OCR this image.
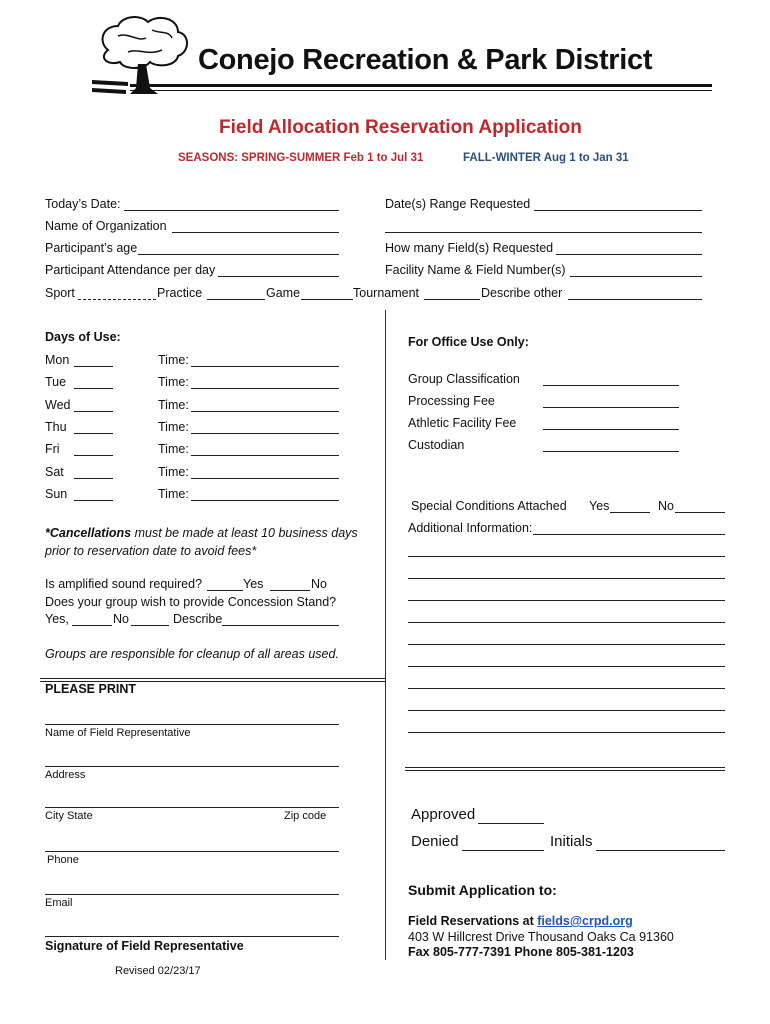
Conejo Recreation & Park District
Field Allocation Reservation Application
SEASONS: SPRING-SUMMER Feb 1 to Jul 31	FALL-WINTER Aug 1 to Jan 31
Today’s Date:	Date(s) Range Requested
Name of Organization
Participant’s age	How many Field(s) Requested
Participant Attendance per day	Facility Name & Field Number(s)
Sport	Practice	Game	Tournament	Describe other
Days of Use:
Mon	Time:
Tue	Time:
Wed	Time:
Thu	Time:
Fri	Time:
Sat	Time:
Sun	Time:
*Cancellations must be made at least 10 business days
prior to reservation date to avoid fees*
Is amplified sound required?	Yes	No
Does your group wish to provide Concession Stand?
Yes,	No	Describe
Groups are responsible for cleanup of all areas used.
PLEASE PRINT
Name of Field Representative
Address
City State	Zip code
Phone
Email
Signature of Field Representative
Revised 02/23/17
For Office Use Only:
Group Classification
Processing Fee
Athletic Facility Fee
Custodian
Special Conditions Attached Yes	No
Additional Information:
Approved
Denied	Initials
Submit Application to:
Field Reservations at fields@crpd.org
403 W Hillcrest Drive Thousand Oaks Ca 91360
Fax 805-777-7391 Phone 805-381-1203
